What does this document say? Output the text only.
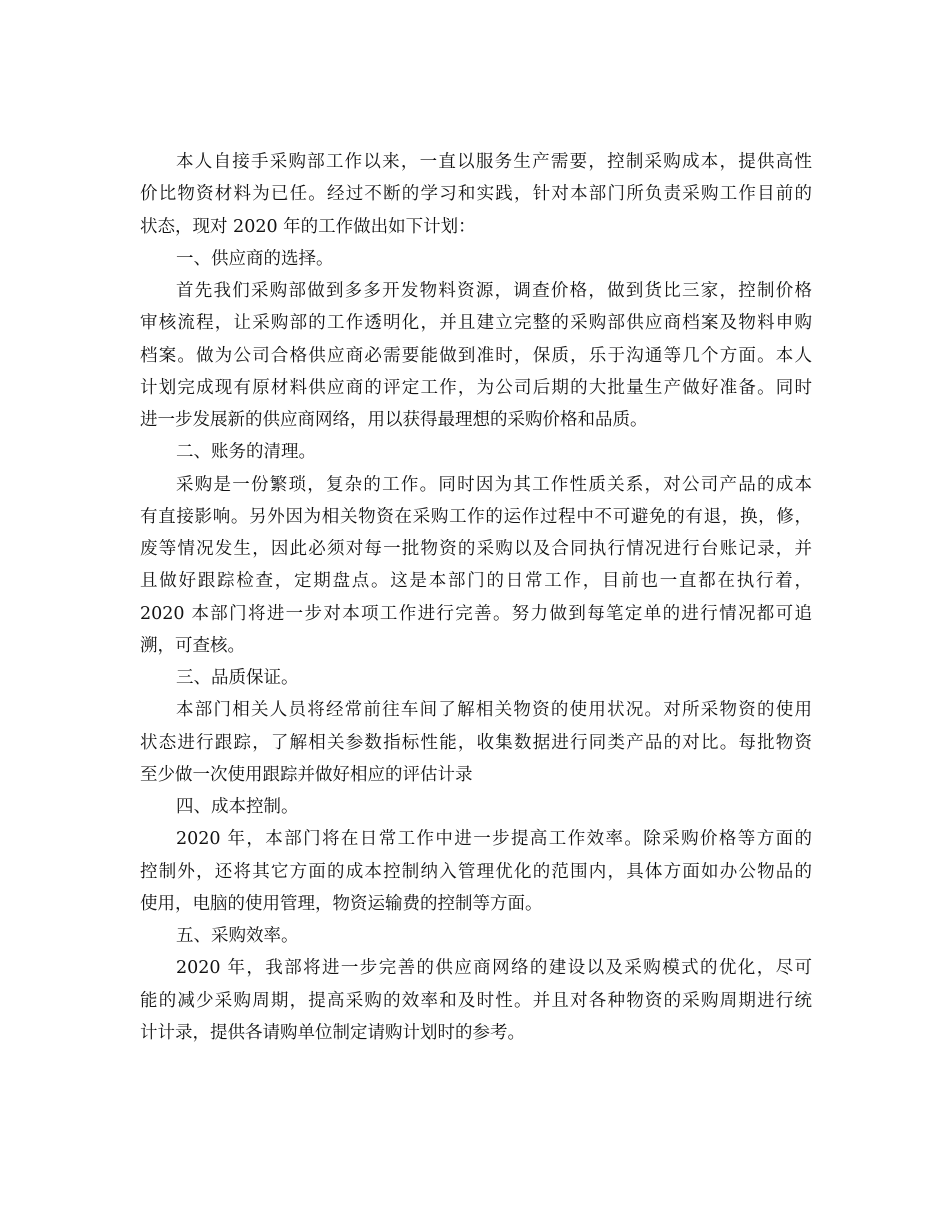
本人自接手采购部工作以来，一直以服务生产需要，控制采购成本，提供高性
价比物资材料为已任。经过不断的学习和实践，针对本部门所负责采购工作目前的
状态，现对 2020 年的工作做出如下计划：
一、供应商的选择。
首先我们采购部做到多多开发物料资源，调查价格，做到货比三家，控制价格
审核流程，让采购部的工作透明化，并且建立完整的采购部供应商档案及物料申购
档案。做为公司合格供应商必需要能做到准时，保质，乐于沟通等几个方面。本人
计划完成现有原材料供应商的评定工作，为公司后期的大批量生产做好准备。同时
进一步发展新的供应商网络，用以获得最理想的采购价格和品质。
二、账务的清理。
采购是一份繁琐，复杂的工作。同时因为其工作性质关系，对公司产品的成本
有直接影响。另外因为相关物资在采购工作的运作过程中不可避免的有退，换，修，
废等情况发生，因此必须对每一批物资的采购以及合同执行情况进行台账记录，并
且做好跟踪检查，定期盘点。这是本部门的日常工作，目前也一直都在执行着，
2020 本部门将进一步对本项工作进行完善。努力做到每笔定单的进行情况都可追
溯，可查核。
三、品质保证。
本部门相关人员将经常前往车间了解相关物资的使用状况。对所采物资的使用
状态进行跟踪，了解相关参数指标性能，收集数据进行同类产品的对比。每批物资
至少做一次使用跟踪并做好相应的评估计录
四、成本控制。
2020 年，本部门将在日常工作中进一步提高工作效率。除采购价格等方面的
控制外，还将其它方面的成本控制纳入管理优化的范围内，具体方面如办公物品的
使用，电脑的使用管理，物资运输费的控制等方面。
五、采购效率。
2020 年，我部将进一步完善的供应商网络的建设以及采购模式的优化，尽可
能的减少采购周期，提高采购的效率和及时性。并且对各种物资的采购周期进行统
计计录，提供各请购单位制定请购计划时的参考。
